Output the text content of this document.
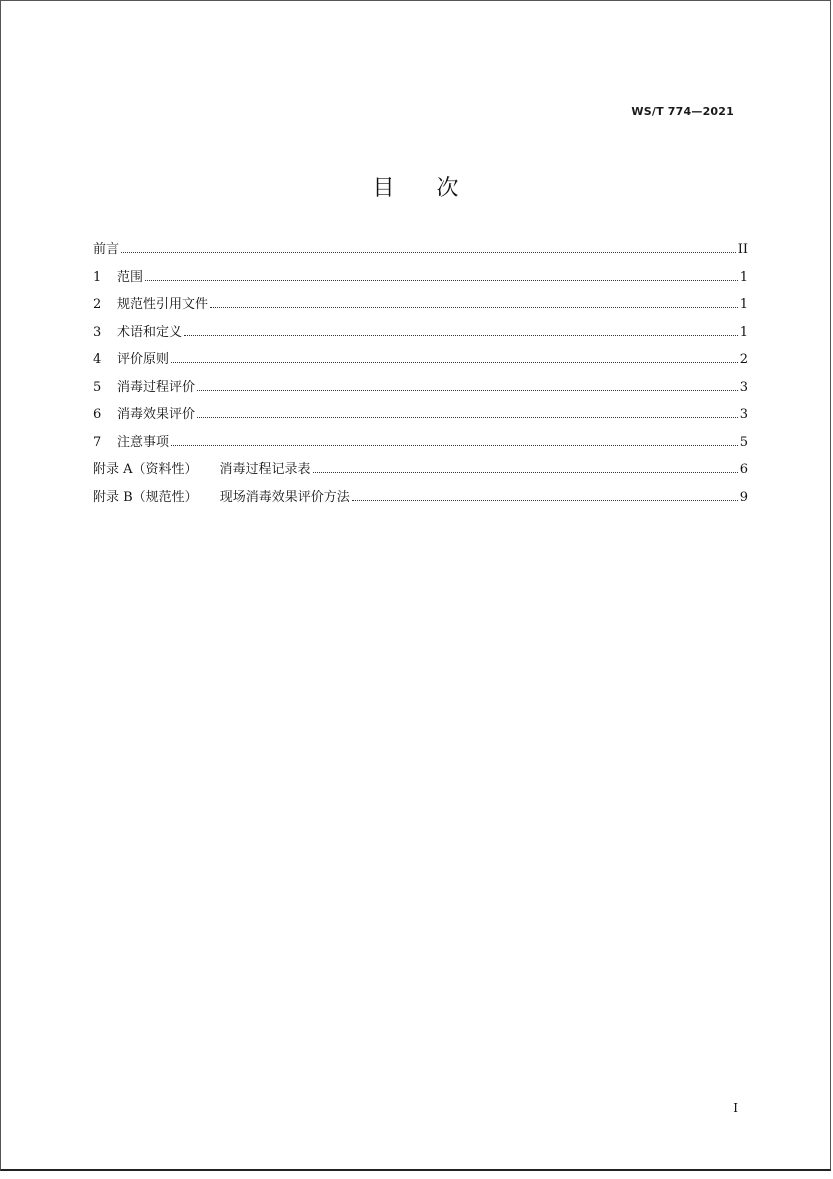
WS/T 774—2021
目次
前言	II
1	范围	1
2	规范性引用文件	1
3	术语和定义	1
4	评价原则	2
5	消毒过程评价	3
6	消毒效果评价	3
7	注意事项	5
附录 A（资料性） 消毒过程记录表	6
附录 B（规范性） 现场消毒效果评价方法	9
I
